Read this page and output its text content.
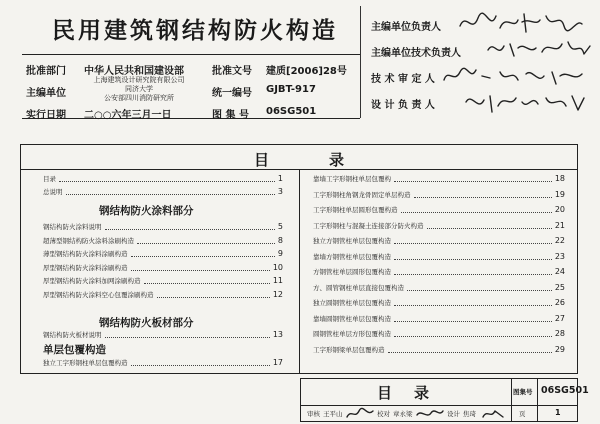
民用建筑钢结构防火构造
批准部门 中华人民共和国建设部
主编单位
上海建筑设计研究院有限公司
同济大学
公安部四川消防研究所
实行日期 二○○六年三月一日
批准文号 建质[2006]28号
统一编号 GJBT-917
图 集 号 06SG501
主编单位负责人
主编单位技术负责人
技 术 审 定 人
设 计 负 责 人
目录
目录	1
总说明	3
钢结构防火涂料部分
钢结构防火涂料说明	5
超薄型钢结构防火涂料涂刷构造	8
薄型钢结构防火涂料涂刷构造	9
厚型钢结构防火涂料涂刷构造	10
厚型钢结构防火涂料加网涂刷构造	11
厚型钢结构防火涂料空心包覆涂刷构造	12
钢结构防火板材部分
钢结构防火板材说明	13
单层包覆构造
独立工字形钢柱单层包覆构造	17
靠墙工字形钢柱单层包覆构	18
工字形钢柱角钢龙骨固定单层构造	19
工字形钢柱单层圆形包覆构造	20
工字形钢柱与混凝土连接部分防火构造	21
独立方钢管柱单层包覆构造	22
靠墙方钢管柱单层包覆构造	23
方钢管柱单层圆形包覆构造	24
方、圆管钢柱单层直接包覆构造	25
独立圆钢管柱单层包覆构造	26
靠墙圆钢管柱单层包覆构造	27
圆钢管柱单层方形包覆构造	28
工字形钢梁单层包覆构造	29
目录	图集号 06SG501
审核 王平山	校对 章永梁	设计 焦琦	页	1
